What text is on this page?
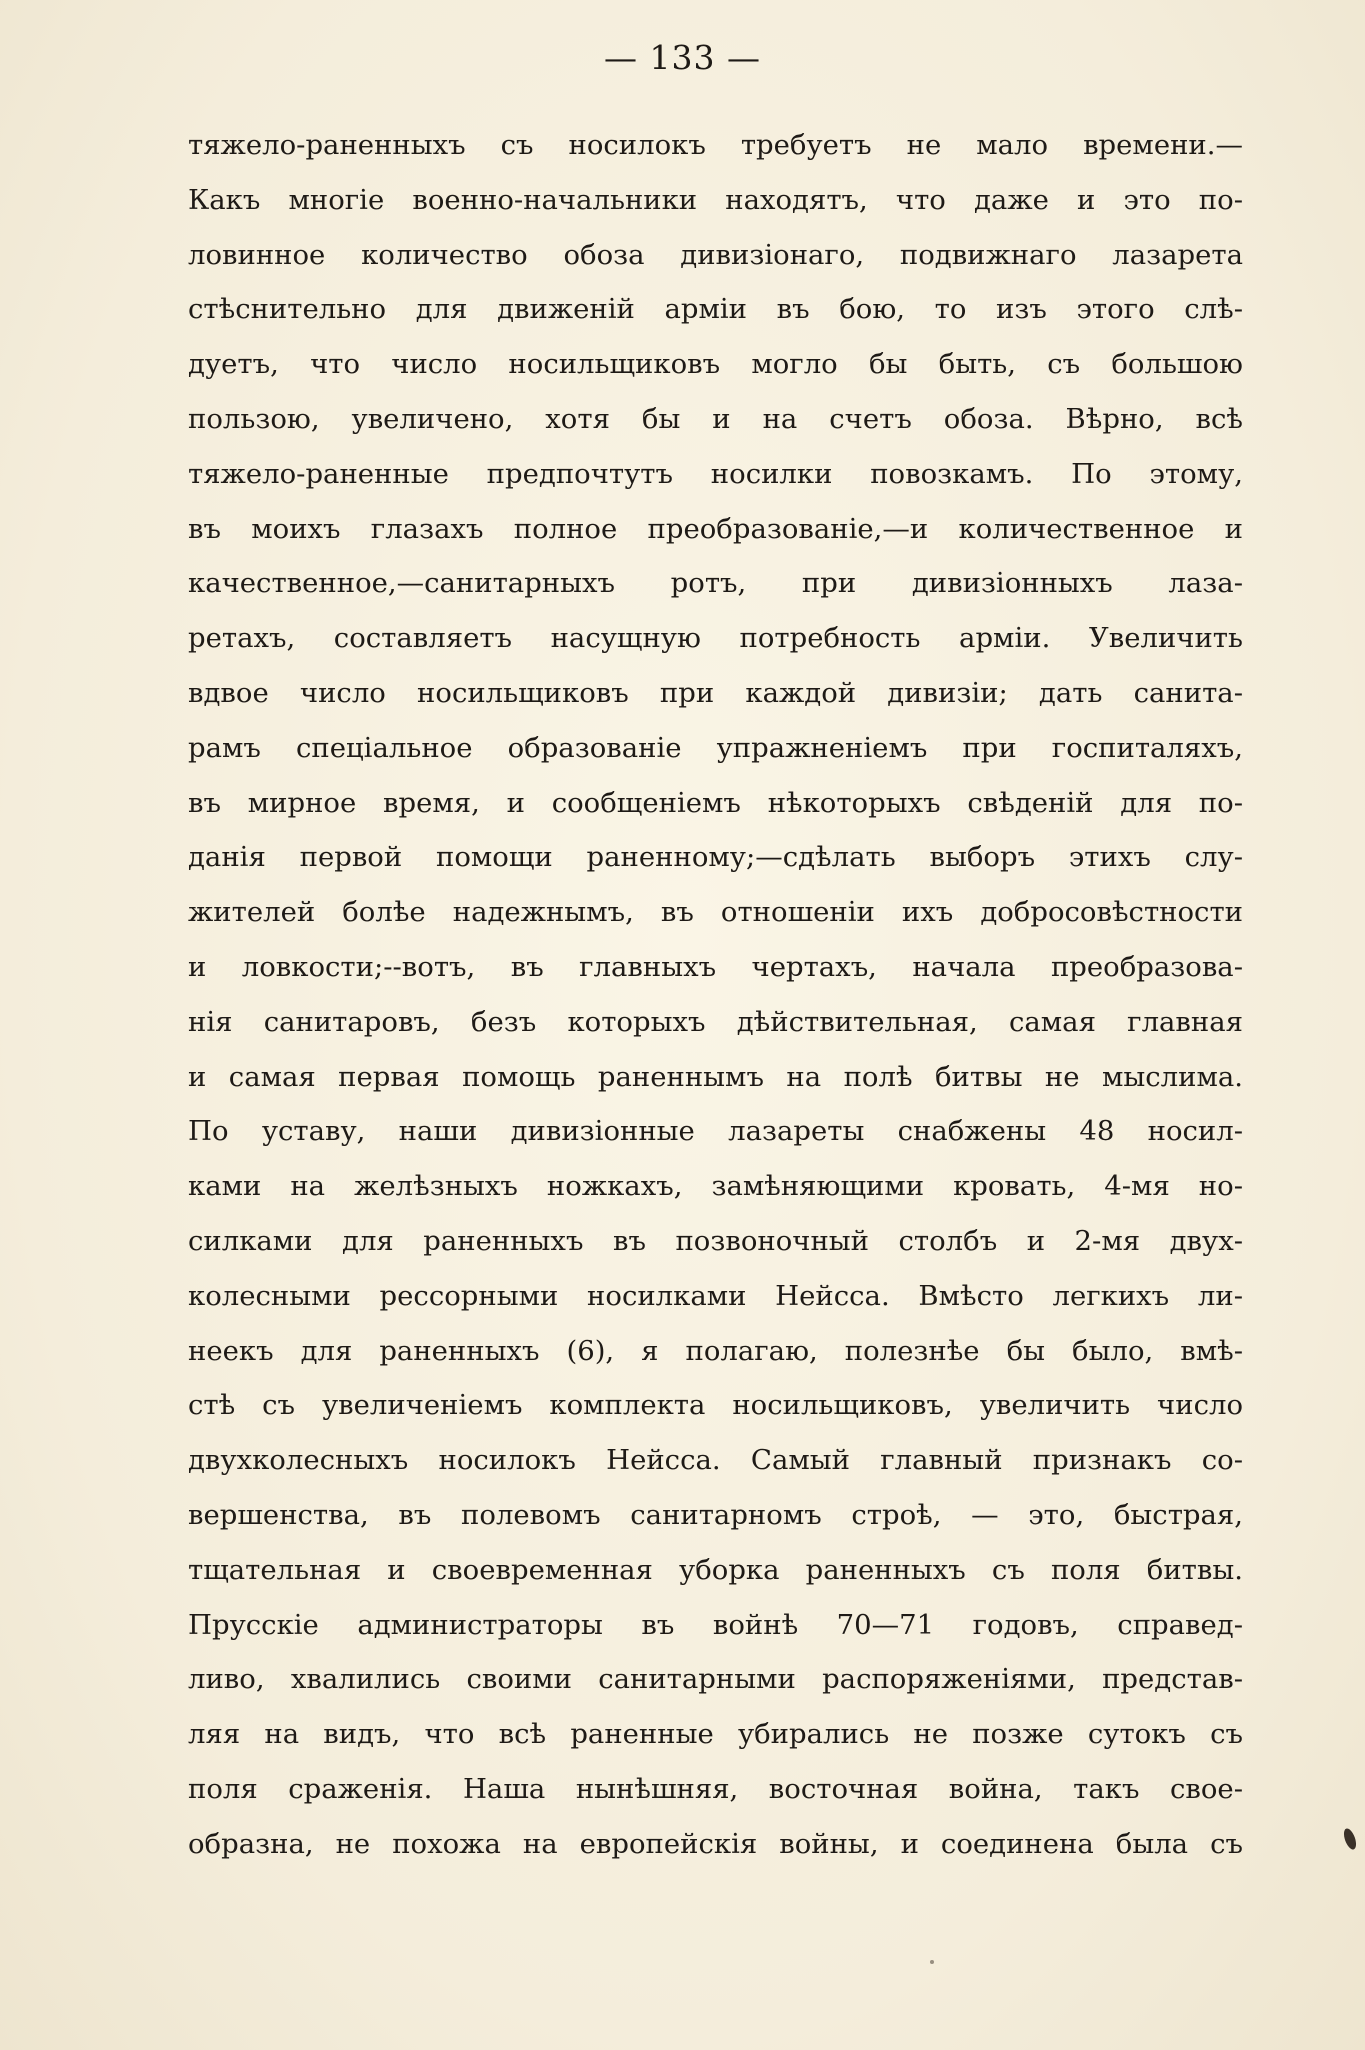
— 133 —
тяжело-раненныхъ съ носилокъ требуетъ не мало времени.—
Какъ многіе военно-начальники находятъ, что даже и это по-
ловинное количество обоза дивизіонаго, подвижнаго лазарета
стѣснительно для движеній арміи въ бою, то изъ этого слѣ-
дуетъ, что число носильщиковъ могло бы быть, съ большою
пользою, увеличено, хотя бы и на счетъ обоза. Вѣрно, всѣ
тяжело-раненные предпочтутъ носилки повозкамъ. По этому,
въ моихъ глазахъ полное преобразованіе,—и количественное и
качественное,—санитарныхъ ротъ, при дивизіонныхъ лаза-
ретахъ, составляетъ насущную потребность арміи. Увеличить
вдвое число носильщиковъ при каждой дивизіи; дать санита-
рамъ спеціальное образованіе упражненіемъ при госпиталяхъ,
въ мирное время, и сообщеніемъ нѣкоторыхъ свѣденій для по-
данія первой помощи раненному;—сдѣлать выборъ этихъ слу-
жителей болѣе надежнымъ, въ отношеніи ихъ добросовѣстности
и ловкости;--вотъ, въ главныхъ чертахъ, начала преобразова-
нія санитаровъ, безъ которыхъ дѣйствительная, самая главная
и самая первая помощь раненнымъ на полѣ битвы не мыслима.
По уставу, наши дивизіонные лазареты снабжены 48 носил-
ками на желѣзныхъ ножкахъ, замѣняющими кровать, 4-мя но-
силками для раненныхъ въ позвоночный столбъ и 2-мя двух-
колесными рессорными носилками Нейсса. Вмѣсто легкихъ ли-
неекъ для раненныхъ (6), я полагаю, полезнѣе бы было, вмѣ-
стѣ съ увеличеніемъ комплекта носильщиковъ, увеличить число
двухколесныхъ носилокъ Нейсса. Самый главный признакъ со-
вершенства, въ полевомъ санитарномъ строѣ, — это, быстрая,
тщательная и своевременная уборка раненныхъ съ поля битвы.
Прусскіе администраторы въ войнѣ 70—71 годовъ, справед-
ливо, хвалились своими санитарными распоряженіями, представ-
ляя на видъ, что всѣ раненные убирались не позже сутокъ съ
поля сраженія. Наша нынѣшняя, восточная война, такъ свое-
образна, не похожа на европейскія войны, и соединена была съ
